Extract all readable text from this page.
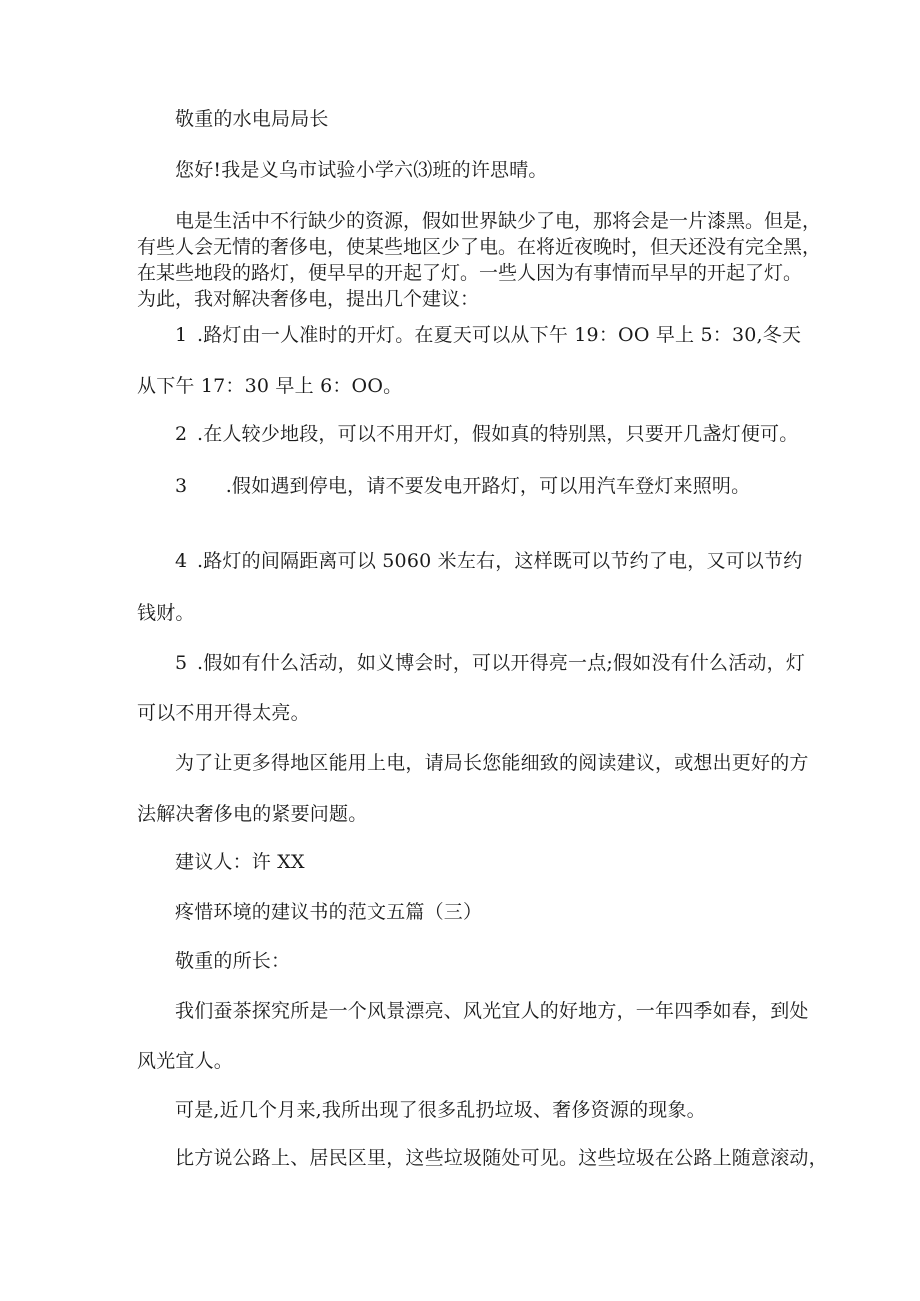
敬重的水电局局长
您好!我是义乌市试验小学六⑶班的许思晴。
电是生活中不行缺少的资源，假如世界缺少了电，那将会是一片漆黑。但是，
有些人会无情的奢侈电，使某些地区少了电。在将近夜晚时，但天还没有完全黑，
在某些地段的路灯，便早早的开起了灯。一些人因为有事情而早早的开起了灯。
为此，我对解决奢侈电，提出几个建议：
1 .路灯由一人准时的开灯。在夏天可以从下午 19：OO 早上 5：30,冬天
从下午 17：30 早上 6：OO。
2 .在人较少地段，可以不用开灯，假如真的特别黑，只要开几盏灯便可。
3  .假如遇到停电，请不要发电开路灯，可以用汽车登灯来照明。
4 .路灯的间隔距离可以 5060 米左右，这样既可以节约了电，又可以节约
钱财。
5 .假如有什么活动，如义博会时，可以开得亮一点;假如没有什么活动，灯
可以不用开得太亮。
为了让更多得地区能用上电，请局长您能细致的阅读建议，或想出更好的方
法解决奢侈电的紧要问题。
建议人：许 XX
疼惜环境的建议书的范文五篇（三）
敬重的所长：
我们蚕茶探究所是一个风景漂亮、风光宜人的好地方，一年四季如春，到处
风光宜人。
可是,近几个月来,我所出现了很多乱扔垃圾、奢侈资源的现象。
比方说公路上、居民区里，这些垃圾随处可见。这些垃圾在公路上随意滚动，
